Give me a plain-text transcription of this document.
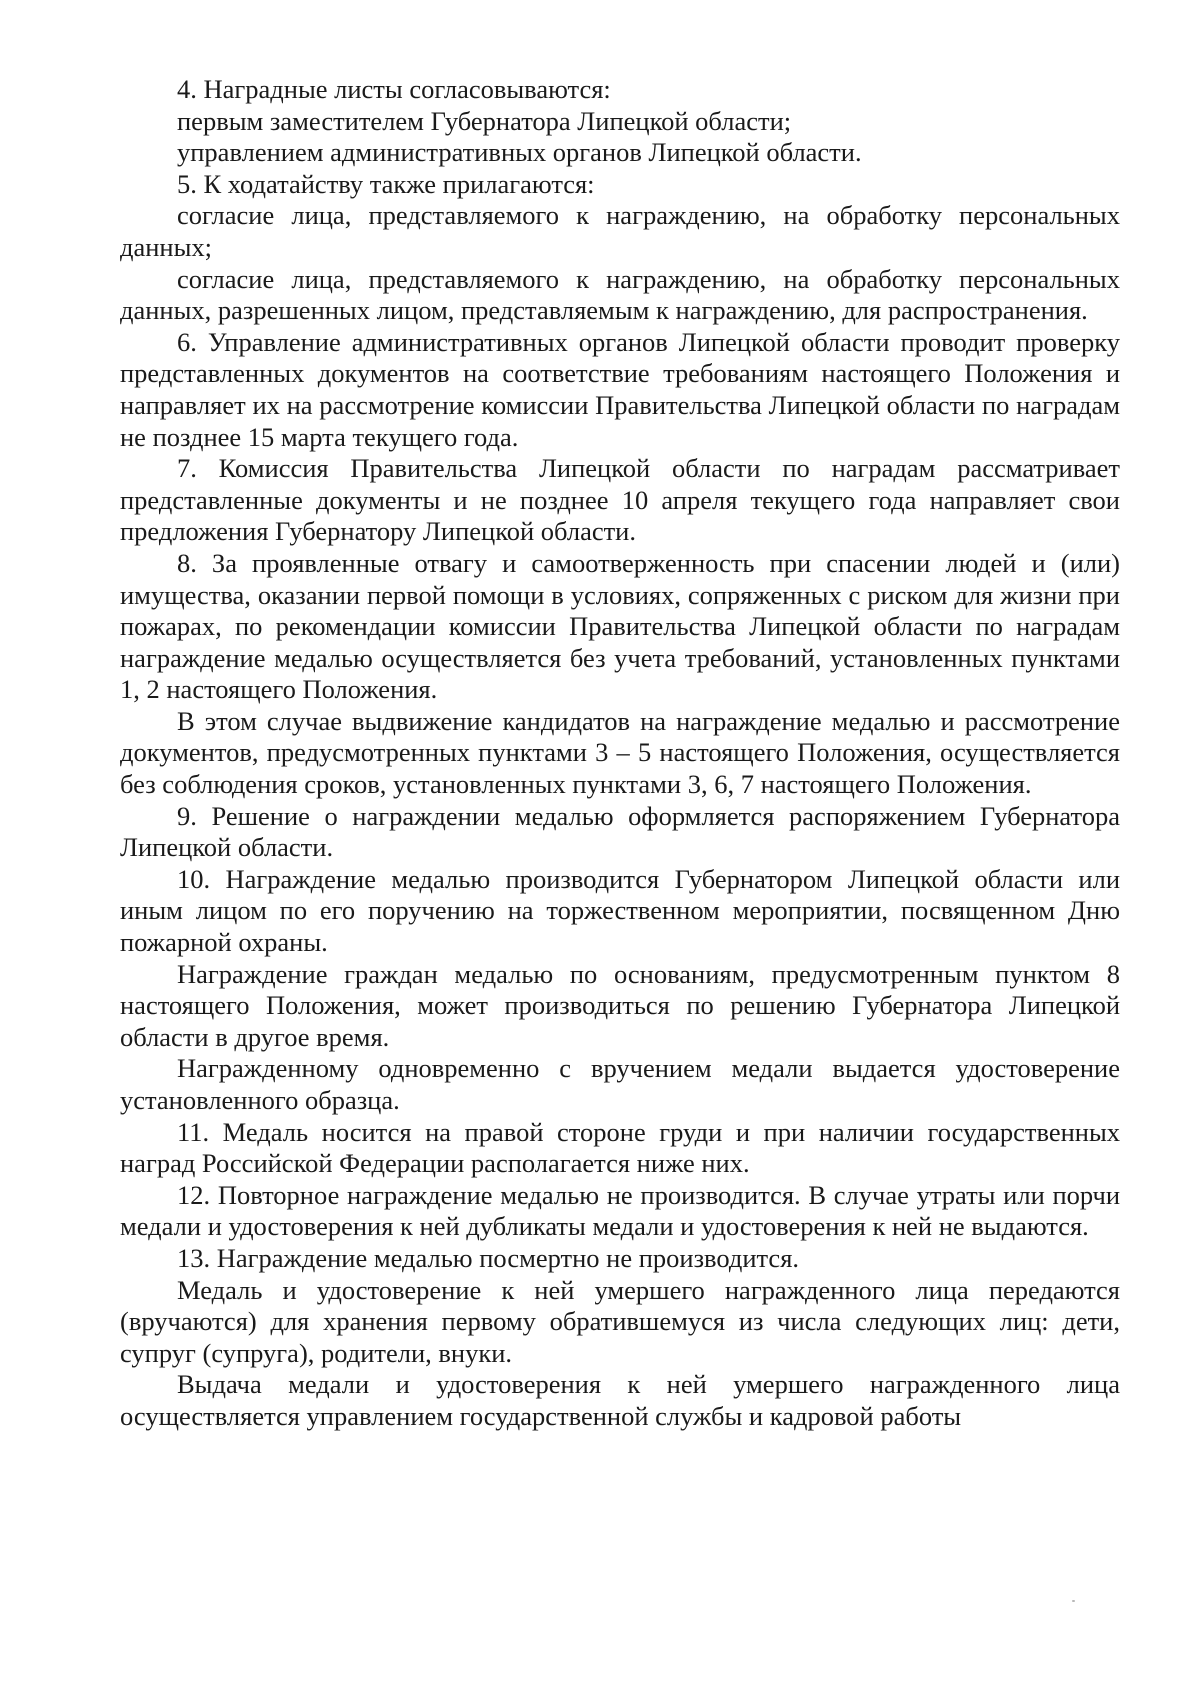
4. Наградные листы согласовываются:

первым заместителем Губернатора Липецкой области;

управлением административных органов Липецкой области.

5. К ходатайству также прилагаются:

согласие лица, представляемого к награждению, на обработку персональных данных;

согласие лица, представляемого к награждению, на обработку персональных данных, разрешенных лицом, представляемым к награждению, для распространения.

6. Управление административных органов Липецкой области проводит проверку представленных документов на соответствие требованиям настоящего Положения и направляет их на рассмотрение комиссии Правительства Липецкой области по наградам не позднее 15 марта текущего года.

7. Комиссия Правительства Липецкой области по наградам рассматривает представленные документы и не позднее 10 апреля текущего года направляет свои предложения Губернатору Липецкой области.

8. За проявленные отвагу и самоотверженность при спасении людей и (или) имущества, оказании первой помощи в условиях, сопряженных с риском для жизни при пожарах, по рекомендации комиссии Правительства Липецкой области по наградам награждение медалью осуществляется без учета требований, установленных пунктами 1, 2 настоящего Положения.

В этом случае выдвижение кандидатов на награждение медалью и рассмотрение документов, предусмотренных пунктами 3 – 5 настоящего Положения, осуществляется без соблюдения сроков, установленных пунктами 3, 6, 7 настоящего Положения.

9. Решение о награждении медалью оформляется распоряжением Губернатора Липецкой области.

10. Награждение медалью производится Губернатором Липецкой области или иным лицом по его поручению на торжественном мероприятии, посвященном Дню пожарной охраны.

Награждение граждан медалью по основаниям, предусмотренным пунктом 8 настоящего Положения, может производиться по решению Губернатора Липецкой области в другое время.

Награжденному одновременно с вручением медали выдается удостоверение установленного образца.

11. Медаль носится на правой стороне груди и при наличии государственных наград Российской Федерации располагается ниже них.

12. Повторное награждение медалью не производится. В случае утраты или порчи медали и удостоверения к ней дубликаты медали и удостоверения к ней не выдаются.

13. Награждение медалью посмертно не производится.

Медаль и удостоверение к ней умершего награжденного лица передаются (вручаются) для хранения первому обратившемуся из числа следующих лиц: дети, супруг (супруга), родители, внуки.

Выдача медали и удостоверения к ней умершего награжденного лица осуществляется управлением государственной службы и кадровой работы
